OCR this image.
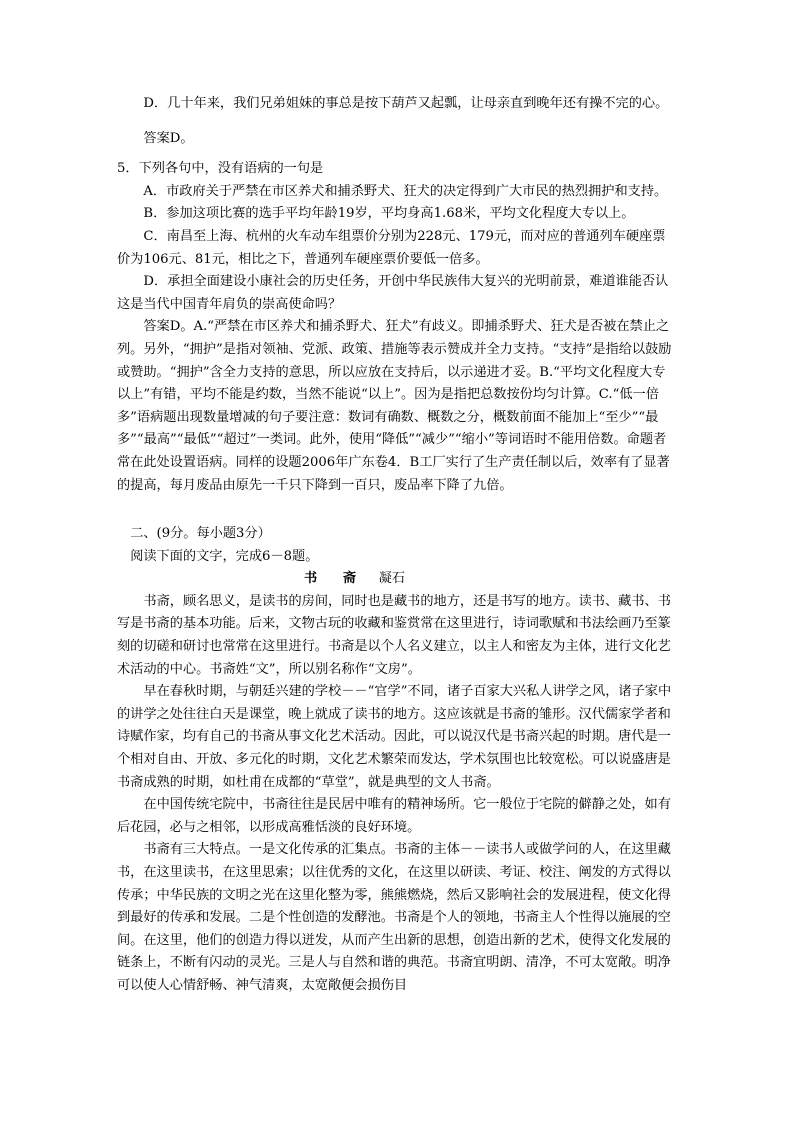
D．几十年来，我们兄弟姐妹的事总是按下葫芦又起瓢，让母亲直到晚年还有操不完的心。

答案D。

5．下列各句中，没有语病的一句是

A．市政府关于严禁在市区养犬和捕杀野犬、狂犬的决定得到广大市民的热烈拥护和支持。

B．参加这项比赛的选手平均年龄19岁，平均身高1.68米，平均文化程度大专以上。

C．南昌至上海、杭州的火车动车组票价分别为228元、179元，而对应的普通列车硬座票价为106元、81元，相比之下，普通列车硬座票价要低一倍多。

D．承担全面建设小康社会的历史任务，开创中华民族伟大复兴的光明前景，难道谁能否认这是当代中国青年肩负的崇高使命吗？

答案D。A.“严禁在市区养犬和捕杀野犬、狂犬”有歧义。即捕杀野犬、狂犬是否被在禁止之列。另外，“拥护”是指对领袖、党派、政策、措施等表示赞成并全力支持。“支持”是指给以鼓励或赞助。“拥护”含全力支持的意思，所以应放在支持后，以示递进才妥。B.“平均文化程度大专以上”有错，平均不能是约数，当然不能说“以上”。因为是指把总数按份均匀计算。C.“低一倍多”语病题出现数量增减的句子要注意：数词有确数、概数之分，概数前面不能加上“至少”“最多”“最高”“最低”“超过”一类词。此外，使用“降低”“减少”“缩小”等词语时不能用倍数。命题者常在此处设置语病。同样的设题2006年广东卷4．B工厂实行了生产责任制以后，效率有了显著的提高，每月废品由原先一千只下降到一百只，废品率下降了九倍。

二、(9分。每小题3分）

阅读下面的文字，完成6－8题。

书 斋 凝石

书斋，顾名思义，是读书的房间，同时也是藏书的地方，还是书写的地方。读书、藏书、书写是书斋的基本功能。后来，文物古玩的收藏和鉴赏常在这里进行，诗词歌赋和书法绘画乃至篆刻的切磋和研讨也常常在这里进行。书斋是以个人名义建立，以主人和密友为主体，进行文化艺术活动的中心。书斋姓“文”，所以别名称作“文房”。

早在春秋时期，与朝廷兴建的学校－－“官学”不同，诸子百家大兴私人讲学之风，诸子家中的讲学之处往往白天是课堂，晚上就成了读书的地方。这应该就是书斋的雏形。汉代儒家学者和诗赋作家，均有自己的书斋从事文化艺术活动。因此，可以说汉代是书斋兴起的时期。唐代是一个相对自由、开放、多元化的时期，文化艺术繁荣而发达，学术氛围也比较宽松。可以说盛唐是书斋成熟的时期，如杜甫在成都的“草堂”，就是典型的文人书斋。

在中国传统宅院中，书斋往往是民居中唯有的精神场所。它一般位于宅院的僻静之处，如有后花园，必与之相邻，以形成高雅恬淡的良好环境。

书斋有三大特点。一是文化传承的汇集点。书斋的主体－－读书人或做学问的人，在这里藏书，在这里读书，在这里思索；以往优秀的文化，在这里以研读、考证、校注、阐发的方式得以传承；中华民族的文明之光在这里化整为零，熊熊燃烧，然后又影响社会的发展进程，使文化得到最好的传承和发展。二是个性创造的发酵池。书斋是个人的领地，书斋主人个性得以施展的空间。在这里，他们的创造力得以迸发，从而产生出新的思想，创造出新的艺术，使得文化发展的链条上，不断有闪动的灵光。三是人与自然和谐的典范。书斋宜明朗、清净，不可太宽敞。明净可以使人心情舒畅、神气清爽，太宽敞便会损伤目
